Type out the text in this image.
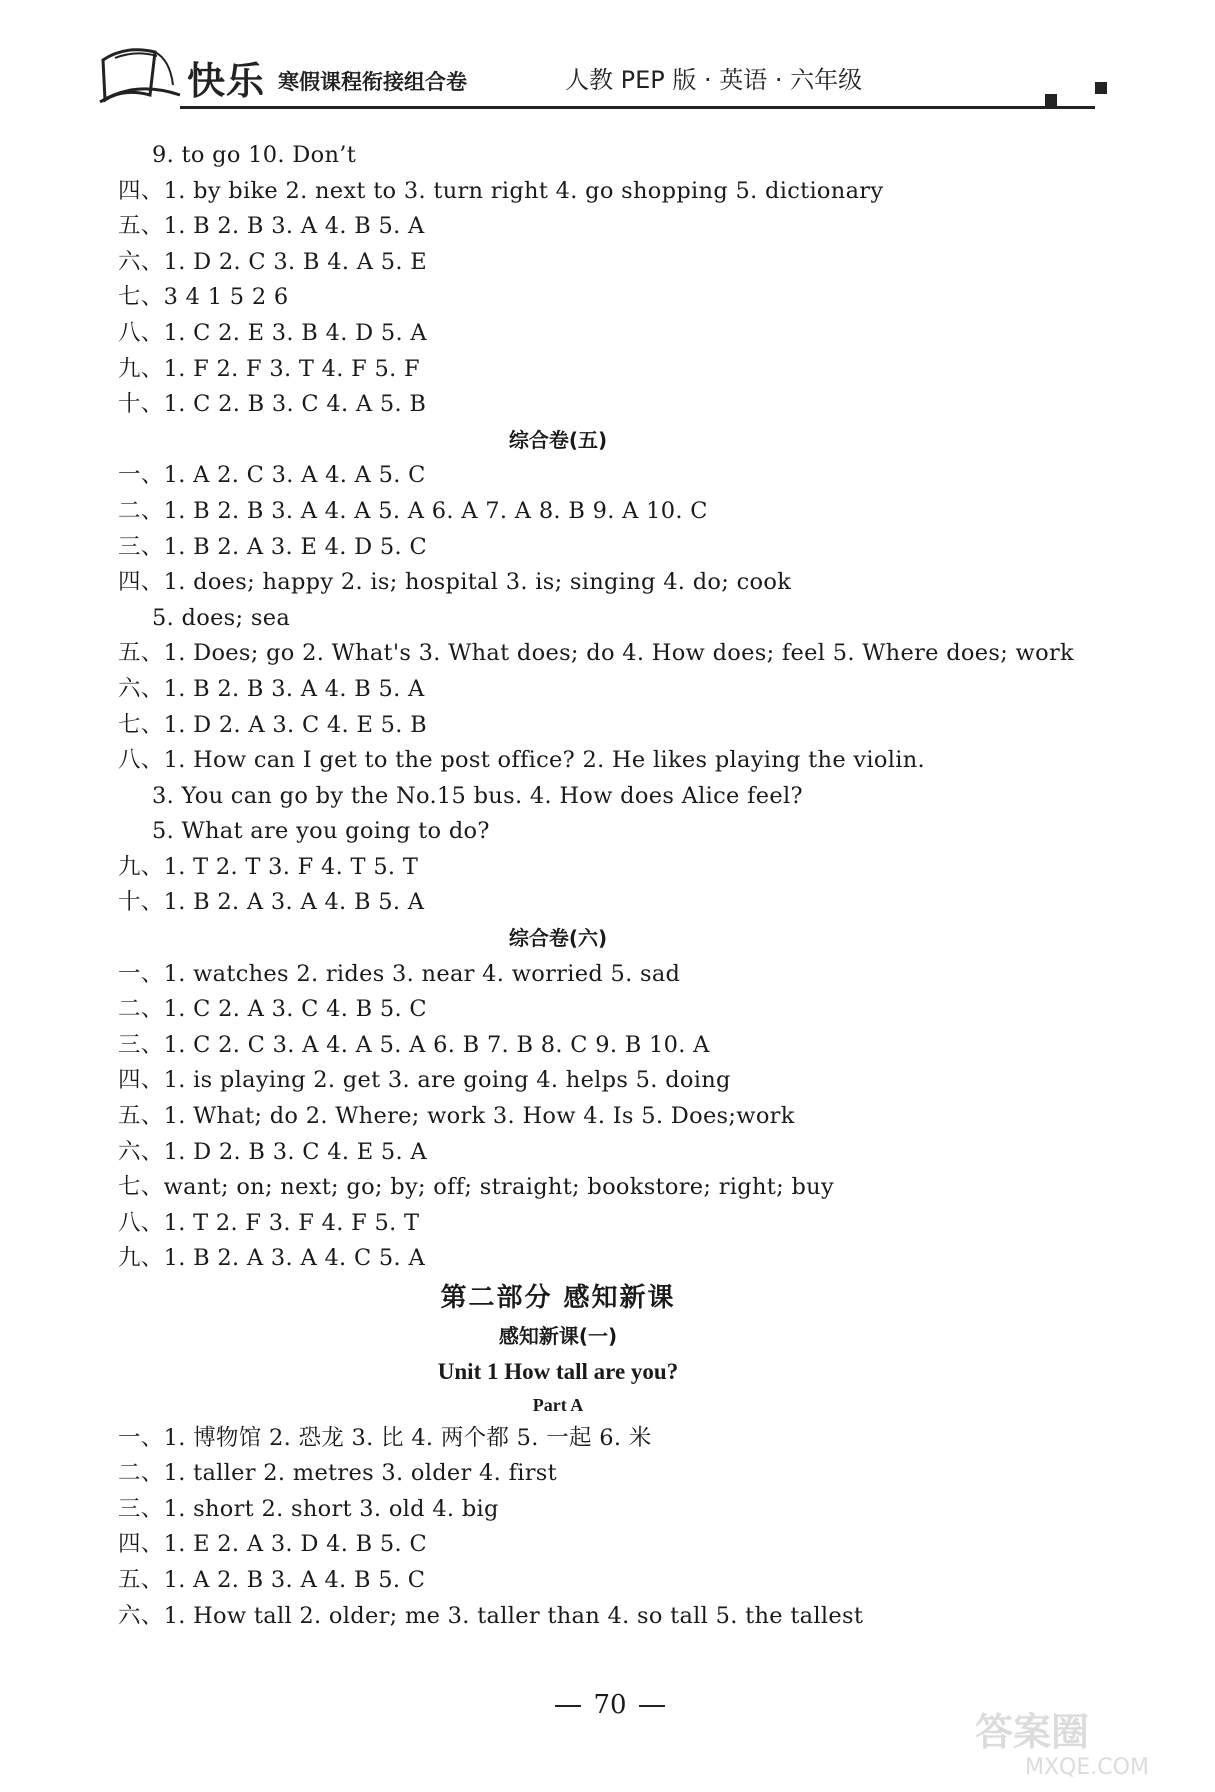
快乐 寒假课程衔接组合卷	人教 PEP 版 · 英语 · 六年级
9. to go 10. Don’t
四、1. by bike 2. next to 3. turn right 4. go shopping 5. dictionary
五、1. B 2. B 3. A 4. B 5. A
六、1. D 2. C 3. B 4. A 5. E
七、3 4 1 5 2 6
八、1. C 2. E 3. B 4. D 5. A
九、1. F 2. F 3. T 4. F 5. F
十、1. C 2. B 3. C 4. A 5. B
综合卷(五)
一、1. A 2. C 3. A 4. A 5. C
二、1. B 2. B 3. A 4. A 5. A 6. A 7. A 8. B 9. A 10. C
三、1. B 2. A 3. E 4. D 5. C
四、1. does; happy 2. is; hospital 3. is; singing 4. do; cook
5. does; sea
五、1. Does; go 2. What's 3. What does; do 4. How does; feel 5. Where does; work
六、1. B 2. B 3. A 4. B 5. A
七、1. D 2. A 3. C 4. E 5. B
八、1. How can I get to the post office? 2. He likes playing the violin.
3. You can go by the No.15 bus. 4. How does Alice feel?
5. What are you going to do?
九、1. T 2. T 3. F 4. T 5. T
十、1. B 2. A 3. A 4. B 5. A
综合卷(六)
一、1. watches 2. rides 3. near 4. worried 5. sad
二、1. C 2. A 3. C 4. B 5. C
三、1. C 2. C 3. A 4. A 5. A 6. B 7. B 8. C 9. B 10. A
四、1. is playing 2. get 3. are going 4. helps 5. doing
五、1. What; do 2. Where; work 3. How 4. Is 5. Does;work
六、1. D 2. B 3. C 4. E 5. A
七、want; on; next; go; by; off; straight; bookstore; right; buy
八、1. T 2. F 3. F 4. F 5. T
九、1. B 2. A 3. A 4. C 5. A
第二部分 感知新课
感知新课(一)
Unit 1 How tall are you?
Part A
一、1. 博物馆 2. 恐龙 3. 比 4. 两个都 5. 一起 6. 米
二、1. taller 2. metres 3. older 4. first
三、1. short 2. short 3. old 4. big
四、1. E 2. A 3. D 4. B 5. C
五、1. A 2. B 3. A 4. B 5. C
六、1. How tall 2. older; me 3. taller than 4. so tall 5. the tallest
70
答案圈
MXQE.COM
